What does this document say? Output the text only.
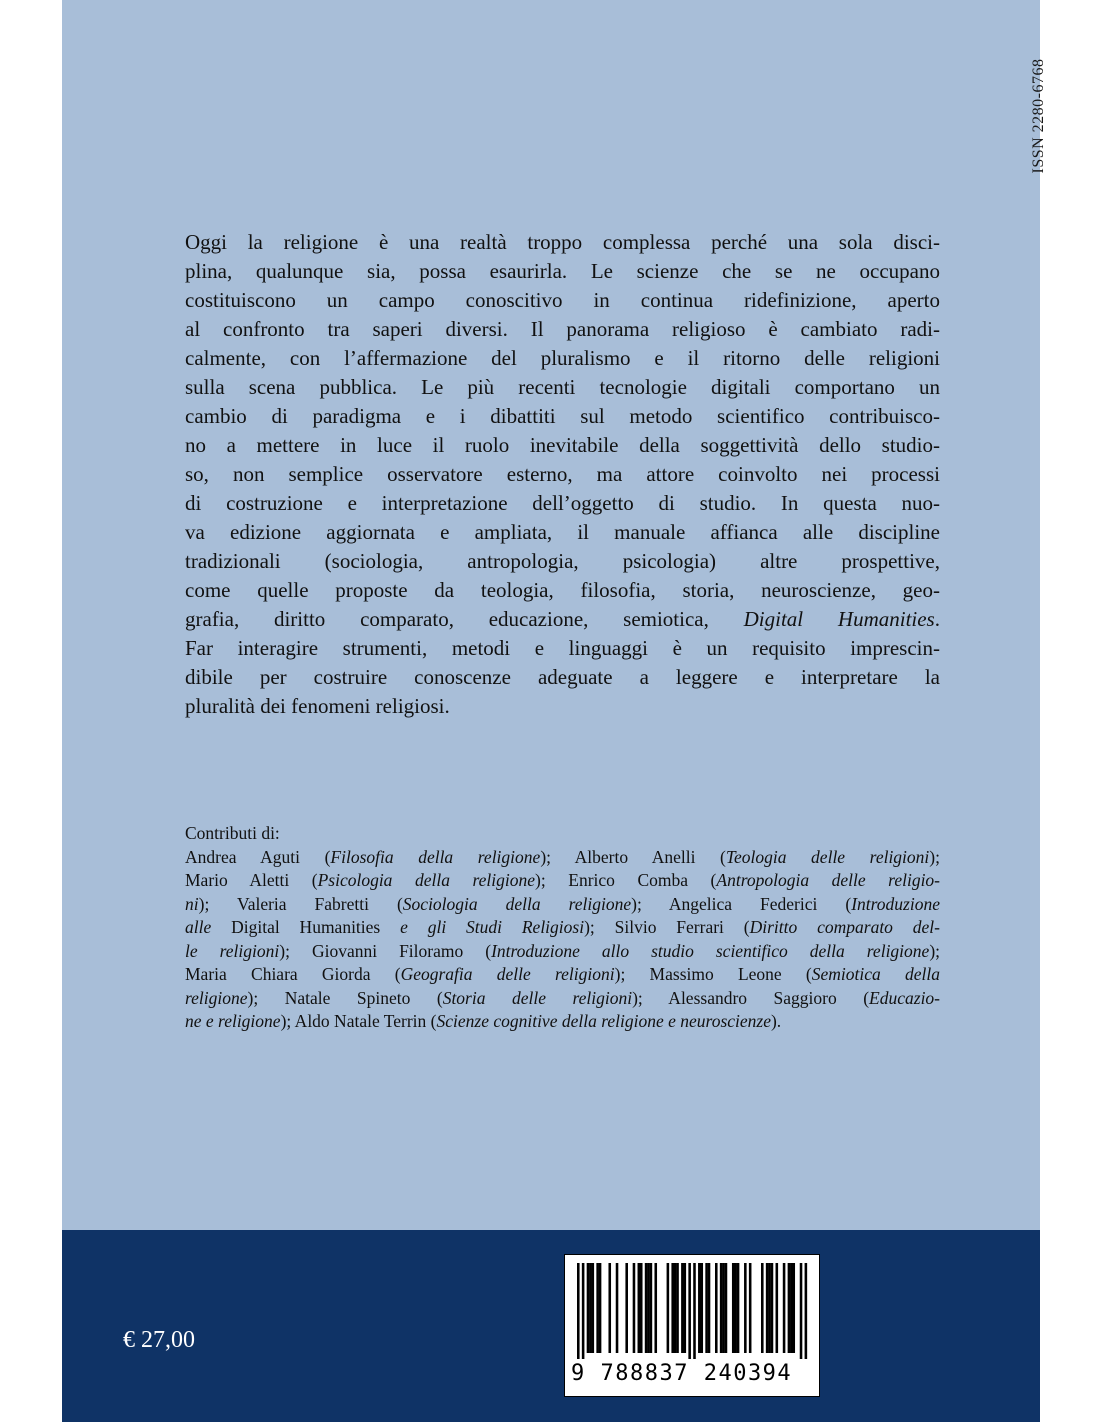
ISSN 2280-6768
Oggi la religione è una realtà troppo complessa perché una sola disci-
plina, qualunque sia, possa esaurirla. Le scienze che se ne occupano
costituiscono un campo conoscitivo in continua ridefinizione, aperto
al confronto tra saperi diversi. Il panorama religioso è cambiato radi-
calmente, con l’affermazione del pluralismo e il ritorno delle religioni
sulla scena pubblica. Le più recenti tecnologie digitali comportano un
cambio di paradigma e i dibattiti sul metodo scientifico contribuisco-
no a mettere in luce il ruolo inevitabile della soggettività dello studio-
so, non semplice osservatore esterno, ma attore coinvolto nei processi
di costruzione e interpretazione dell’oggetto di studio. In questa nuo-
va edizione aggiornata e ampliata, il manuale affianca alle discipline
tradizionali (sociologia, antropologia, psicologia) altre prospettive,
come quelle proposte da teologia, filosofia, storia, neuroscienze, geo-
grafia, diritto comparato, educazione, semiotica, Digital Humanities.
Far interagire strumenti, metodi e linguaggi è un requisito imprescin-
dibile per costruire conoscenze adeguate a leggere e interpretare la
pluralità dei fenomeni religiosi.
Contributi di:
Andrea Aguti (Filosofia della religione); Alberto Anelli (Teologia delle religioni);
Mario Aletti (Psicologia della religione); Enrico Comba (Antropologia delle religio-
ni); Valeria Fabretti (Sociologia della religione); Angelica Federici (Introduzione
alle Digital Humanities e gli Studi Religiosi); Silvio Ferrari (Diritto comparato del-
le religioni); Giovanni Filoramo (Introduzione allo studio scientifico della religione);
Maria Chiara Giorda (Geografia delle religioni); Massimo Leone (Semiotica della
religione); Natale Spineto (Storia delle religioni); Alessandro Saggioro (Educazio-
ne e religione); Aldo Natale Terrin (Scienze cognitive della religione e neuroscienze).
€ 27,00
9 788837 240394
